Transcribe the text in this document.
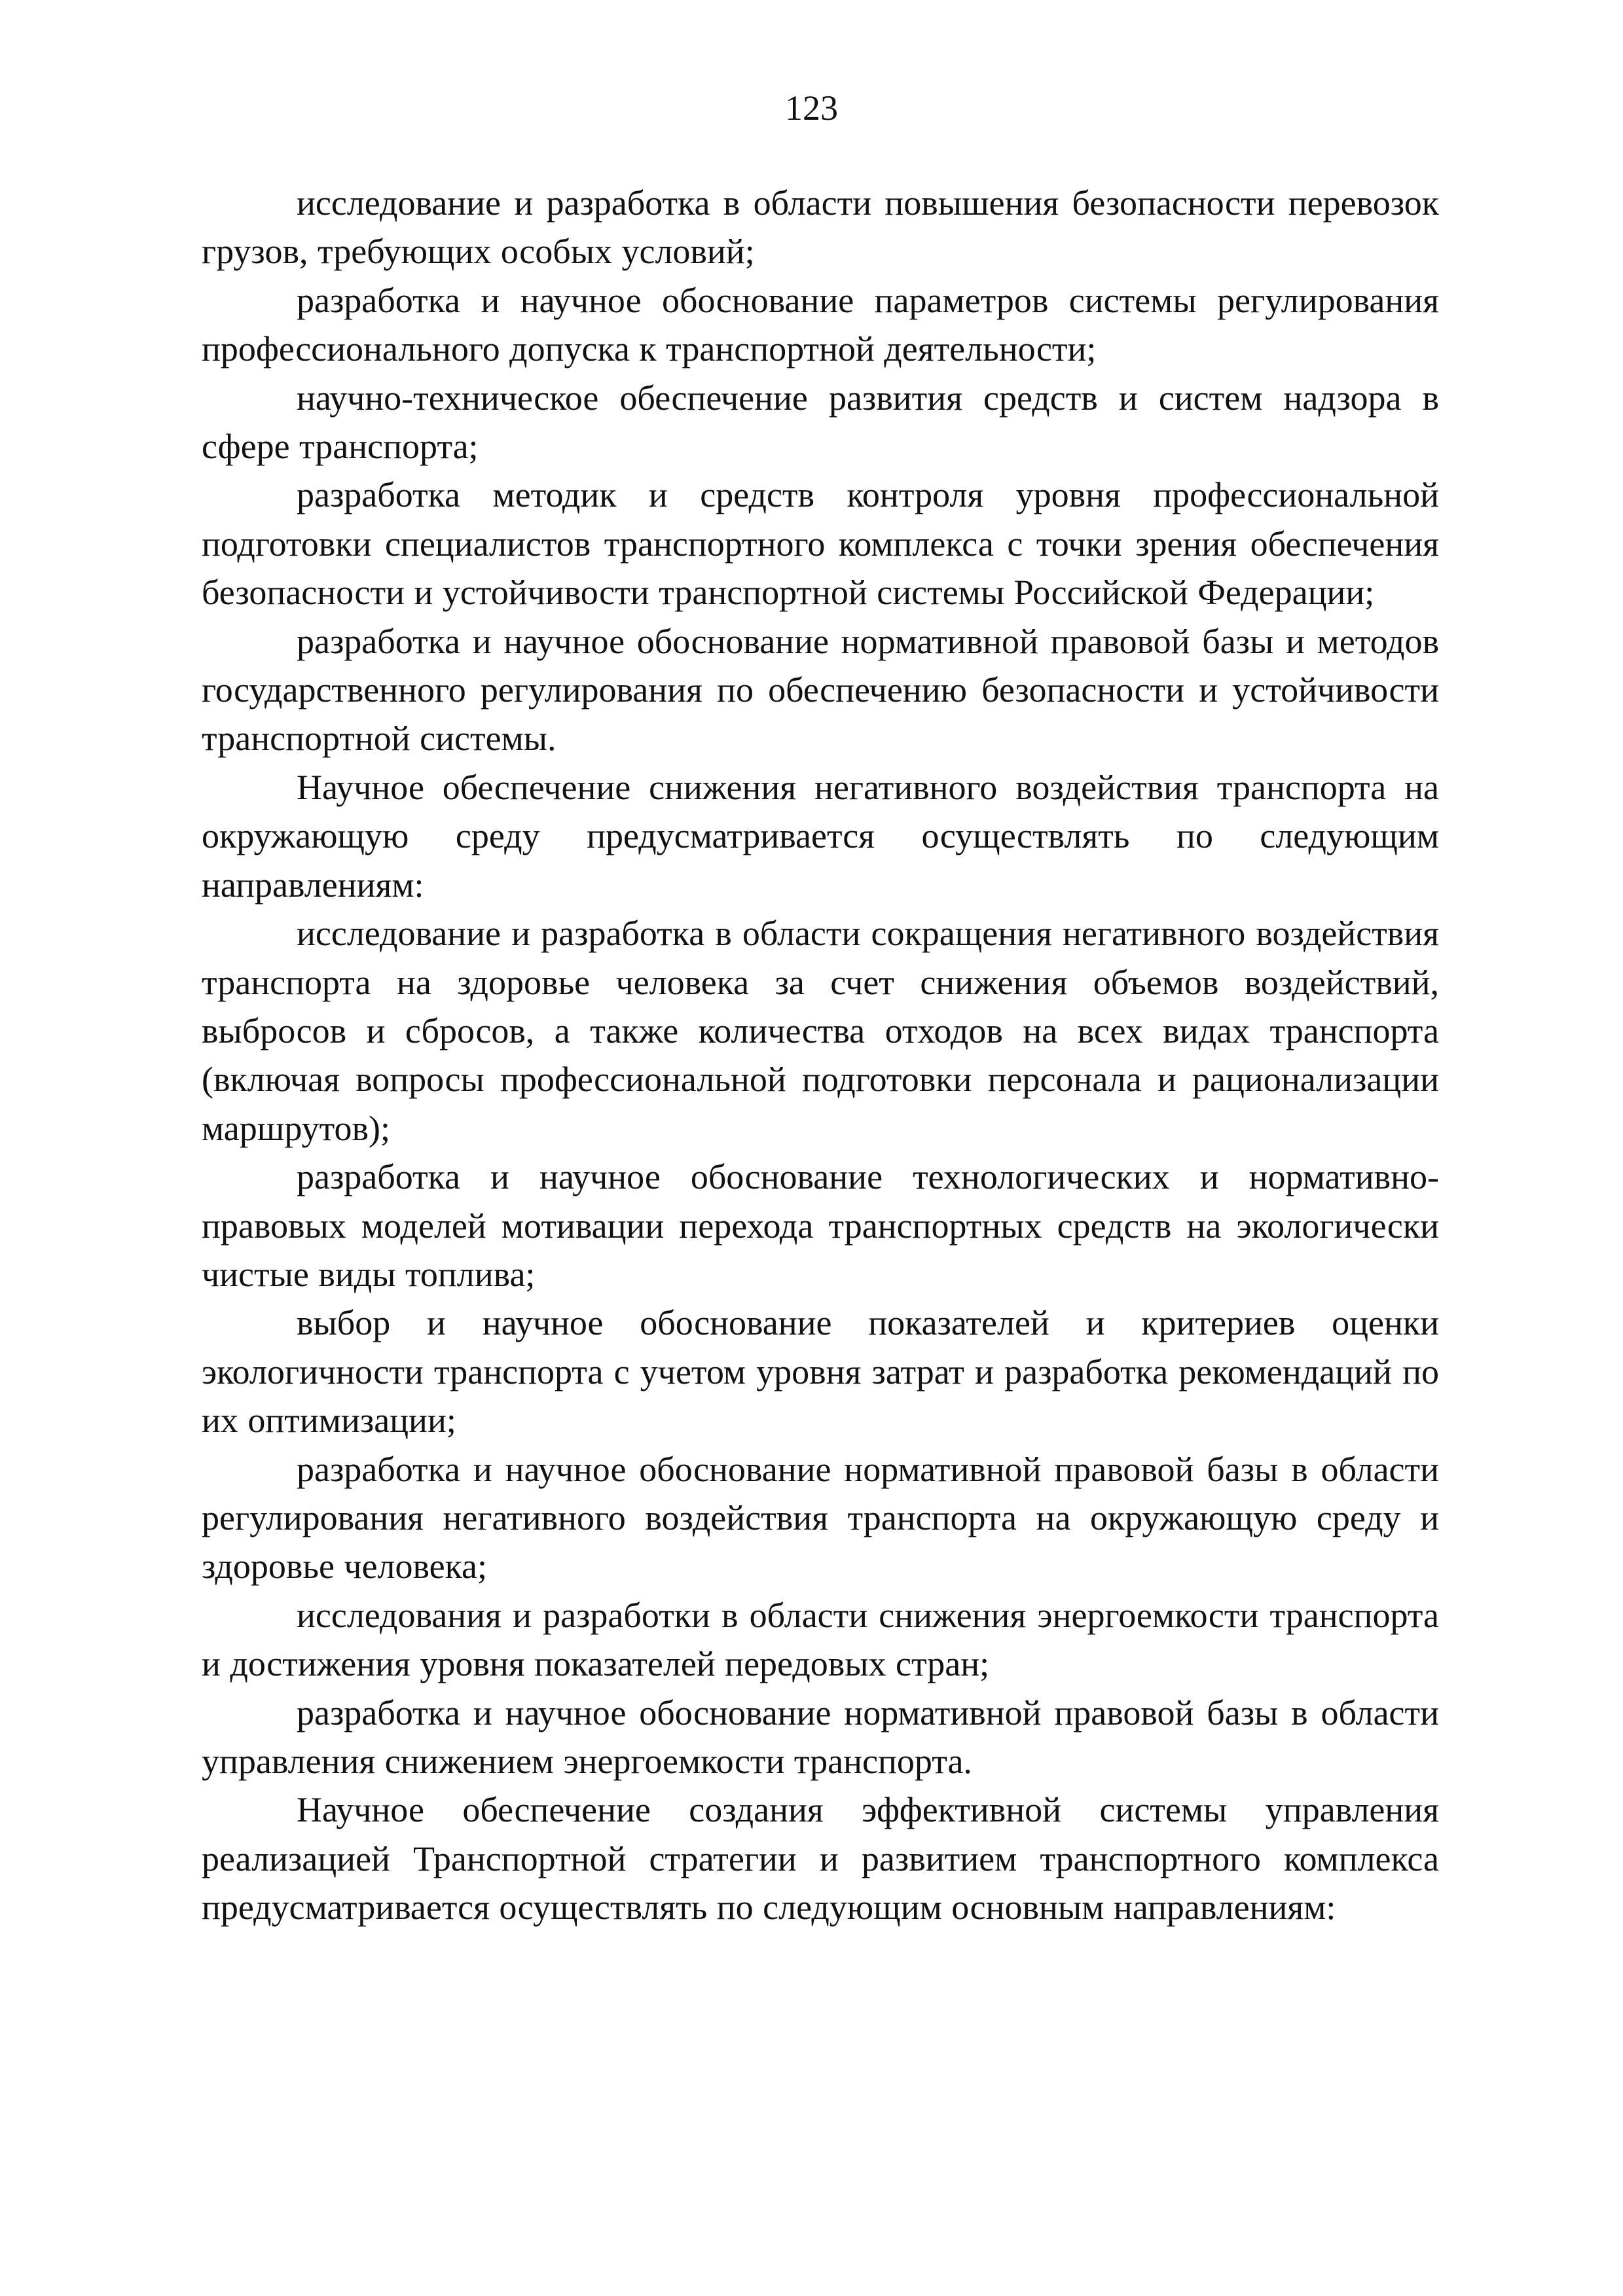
123

исследование и разработка в области повышения безопасности перевозок грузов, требующих особых условий;

разработка и научное обоснование параметров системы регулирования профессионального допуска к транспортной деятельности;

научно-техническое обеспечение развития средств и систем надзора в сфере транспорта;

разработка методик и средств контроля уровня профессиональной подготовки специалистов транспортного комплекса с точки зрения обеспечения безопасности и устойчивости транспортной системы Российской Федерации;

разработка и научное обоснование нормативной правовой базы и методов государственного регулирования по обеспечению безопасности и устойчивости транспортной системы.

Научное обеспечение снижения негативного воздействия транспорта на окружающую среду предусматривается осуществлять по следующим направлениям:

исследование и разработка в области сокращения негативного воздействия транспорта на здоровье человека за счет снижения объемов воздействий, выбросов и сбросов, а также количества отходов на всех видах транспорта (включая вопросы профессиональной подготовки персонала и рационализации маршрутов);

разработка и научное обоснование технологических и нормативно-правовых моделей мотивации перехода транспортных средств на экологически чистые виды топлива;

выбор и научное обоснование показателей и критериев оценки экологичности транспорта с учетом уровня затрат и разработка рекомендаций по их оптимизации;

разработка и научное обоснование нормативной правовой базы в области регулирования негативного воздействия транспорта на окружающую среду и здоровье человека;

исследования и разработки в области снижения энергоемкости транспорта и достижения уровня показателей передовых стран;

разработка и научное обоснование нормативной правовой базы в области управления снижением энергоемкости транспорта.

Научное обеспечение создания эффективной системы управления реализацией Транспортной стратегии и развитием транспортного комплекса предусматривается осуществлять по следующим основным направлениям:
